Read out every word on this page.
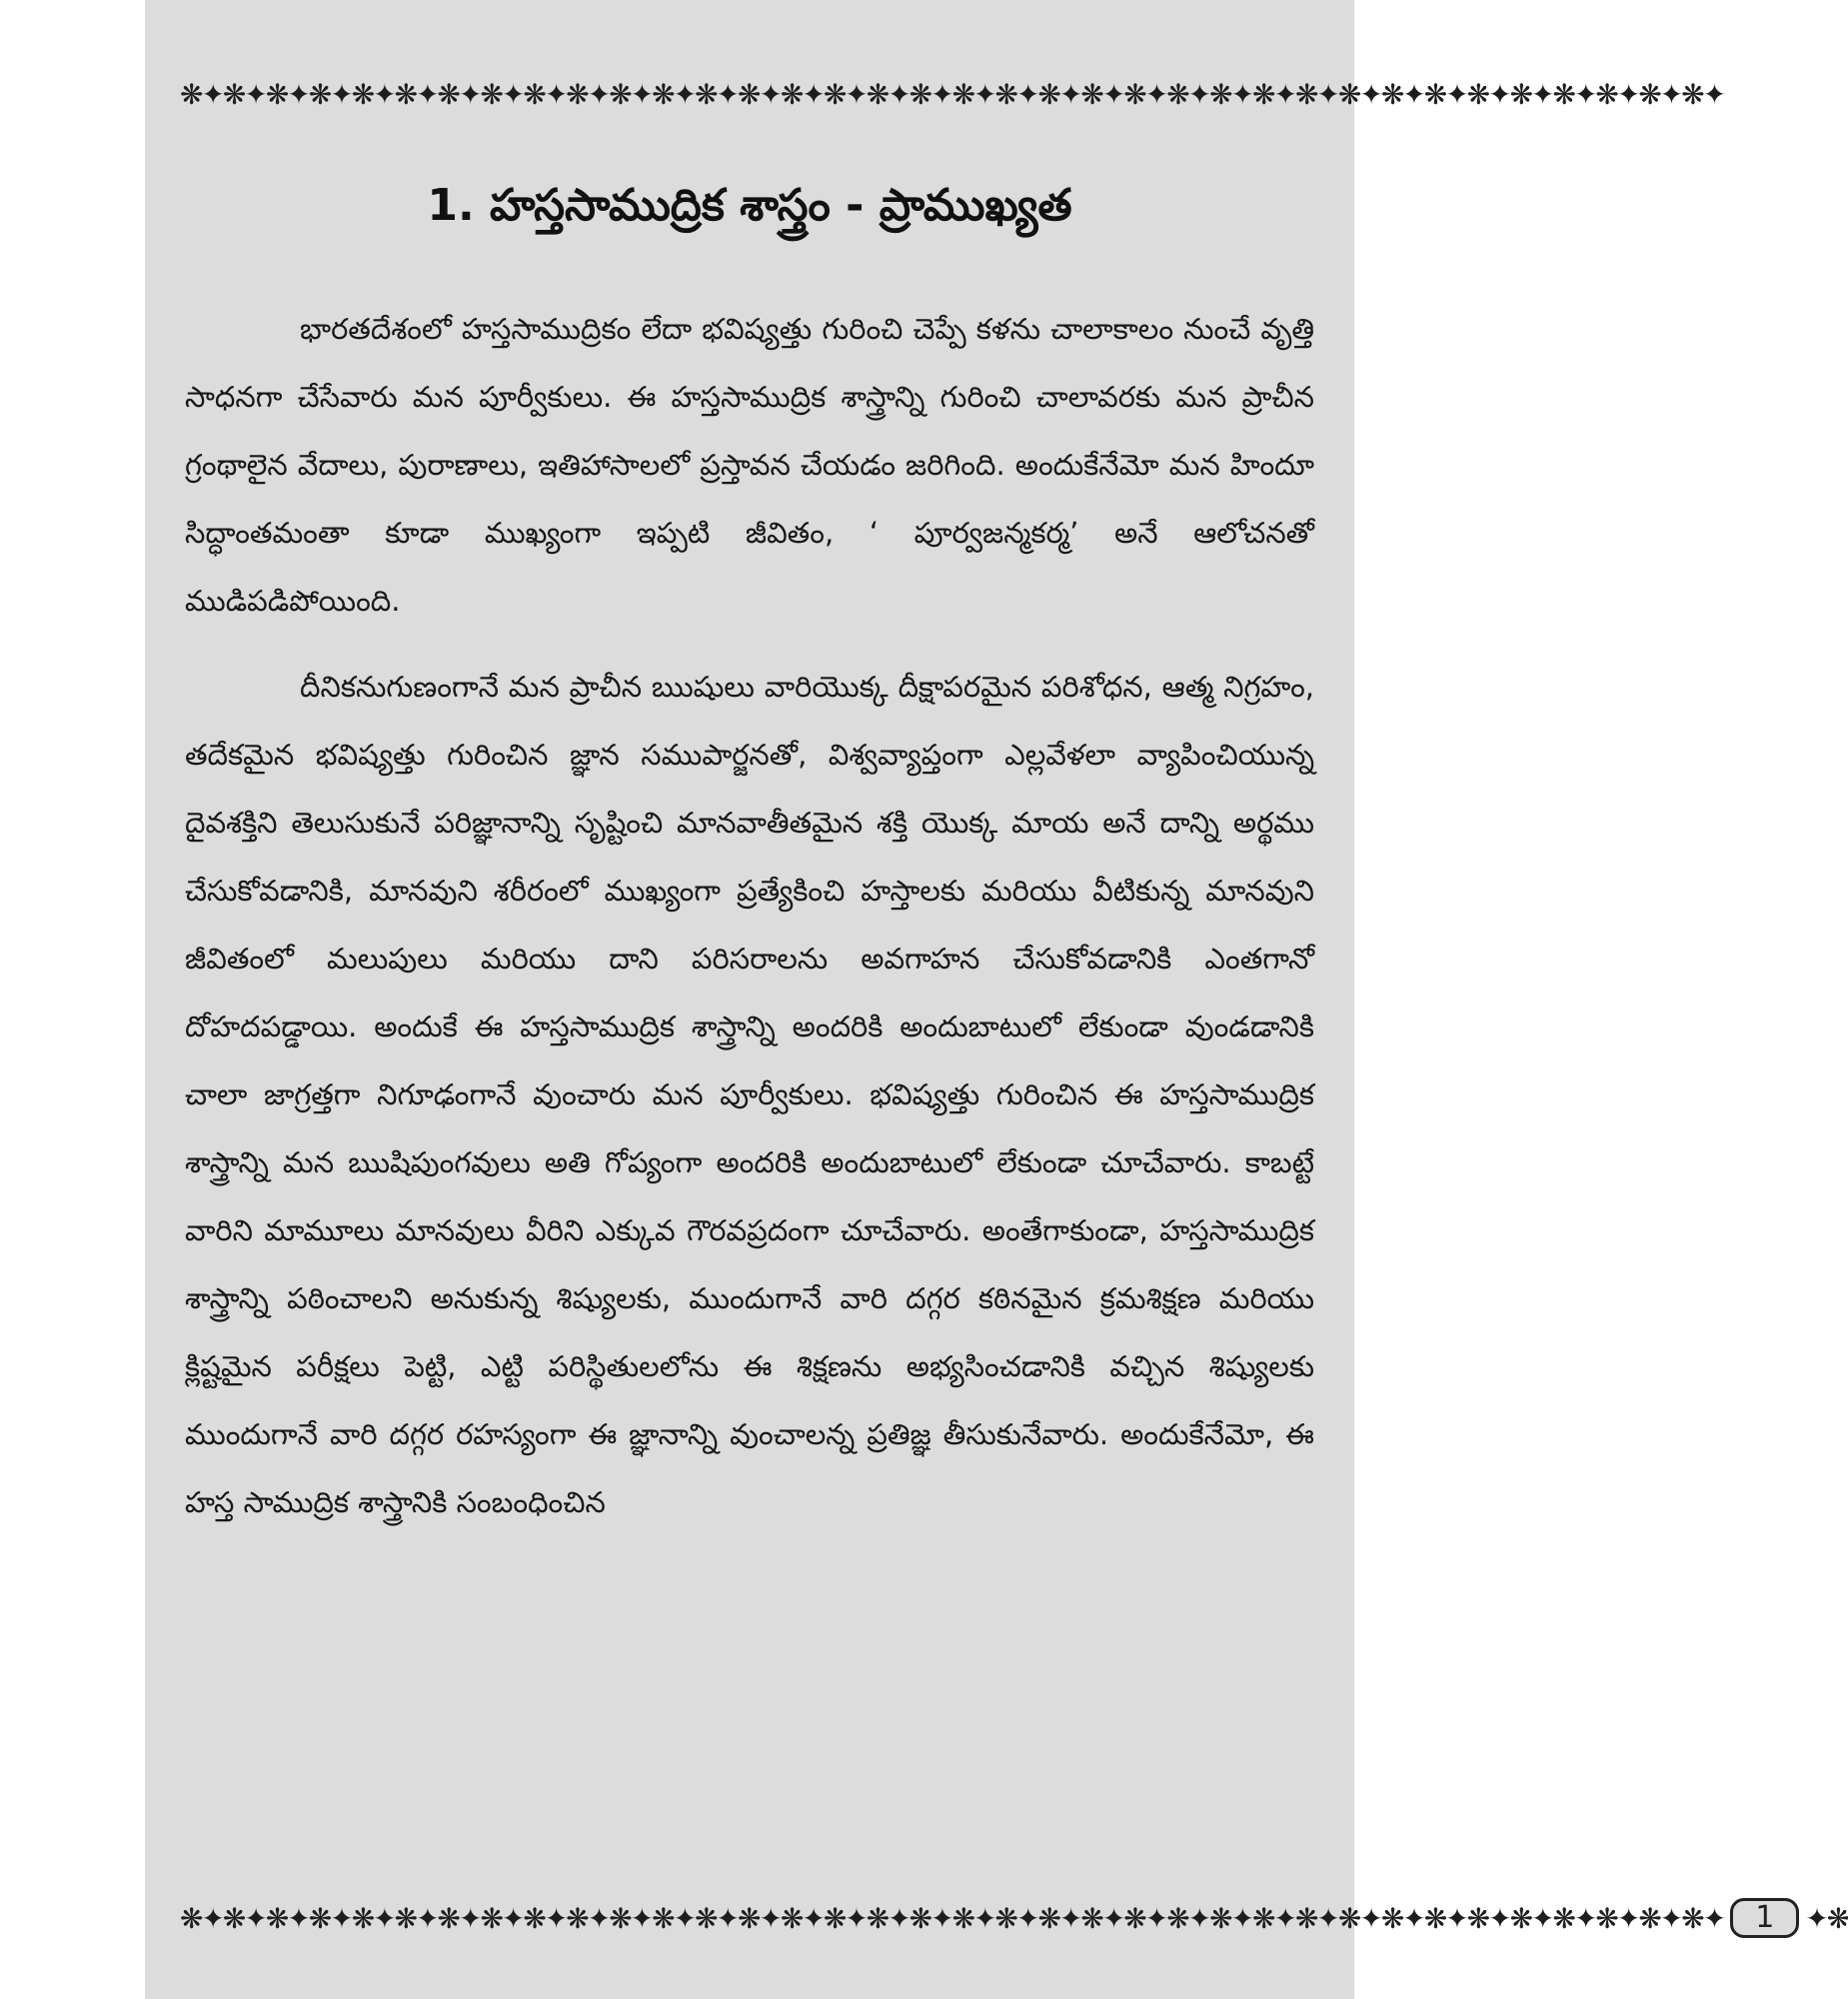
❋✦❋✦❋✦❋✦❋✦❋✦❋✦❋✦❋✦❋✦❋✦❋✦❋✦❋✦❋✦❋✦❋✦❋✦❋✦❋✦❋✦❋✦❋✦❋✦❋✦❋✦❋✦❋✦❋✦❋✦❋✦❋✦❋✦❋✦❋✦❋✦
1. హస్తసాముద్రిక శాస్త్రం - ప్రాముఖ్యత

భారతదేశంలో హస్తసాముద్రికం లేదా భవిష్యత్తు గురించి చెప్పే కళను చాలాకాలం నుంచే వృత్తి సాధనగా చేసేవారు మన పూర్వీకులు. ఈ హస్తసాముద్రిక శాస్త్రాన్ని గురించి చాలావరకు మన ప్రాచీన గ్రంథాలైన వేదాలు, పురాణాలు, ఇతిహాసాలలో ప్రస్తావన చేయడం జరిగింది. అందుకేనేమో మన హిందూ సిద్ధాంతమంతా కూడా ముఖ్యంగా ఇప్పటి జీవితం, ‘ పూర్వజన్మకర్మ’ అనే ఆలోచనతో ముడిపడిపోయింది.

దీనికనుగుణంగానే మన ప్రాచీన ఋషులు వారియొక్క దీక్షాపరమైన పరిశోధన, ఆత్మ నిగ్రహం, తదేకమైన భవిష్యత్తు గురించిన జ్ఞాన సముపార్జనతో, విశ్వవ్యాప్తంగా ఎల్లవేళలా వ్యాపించియున్న దైవశక్తిని తెలుసుకునే పరిజ్ఞానాన్ని సృష్టించి మానవాతీతమైన శక్తి యొక్క మాయ అనే దాన్ని అర్థము చేసుకోవడానికి, మానవుని శరీరంలో ముఖ్యంగా ప్రత్యేకించి హస్తాలకు మరియు వీటికున్న మానవుని జీవితంలో మలుపులు మరియు దాని పరిసరాలను అవగాహన చేసుకోవడానికి ఎంతగానో దోహదపడ్డాయి. అందుకే ఈ హస్తసాముద్రిక శాస్త్రాన్ని అందరికి అందుబాటులో లేకుండా వుండడానికి చాలా జాగ్రత్తగా నిగూఢంగానే వుంచారు మన పూర్వీకులు. భవిష్యత్తు గురించిన ఈ హస్తసాముద్రిక శాస్త్రాన్ని మన ఋషిపుంగవులు అతి గోప్యంగా అందరికి అందుబాటులో లేకుండా చూచేవారు. కాబట్టే వారిని మామూలు మానవులు వీరిని ఎక్కువ గౌరవప్రదంగా చూచేవారు. అంతేగాకుండా, హస్తసాముద్రిక శాస్త్రాన్ని పఠించాలని అనుకున్న శిష్యులకు, ముందుగానే వారి దగ్గర కఠినమైన క్రమశిక్షణ మరియు క్లిష్టమైన పరీక్షలు పెట్టి, ఎట్టి పరిస్థితులలోను ఈ శిక్షణను అభ్యసించడానికి వచ్చిన శిష్యులకు ముందుగానే వారి దగ్గర రహస్యంగా ఈ జ్ఞానాన్ని వుంచాలన్న ప్రతిజ్ఞ తీసుకునేవారు. అందుకేనేమో, ఈ హస్త సాముద్రిక శాస్త్రానికి సంబంధించిన

❋✦❋✦❋✦❋✦❋✦❋✦❋✦❋✦❋✦❋✦❋✦❋✦❋✦❋✦❋✦❋✦❋✦❋✦❋✦❋✦❋✦❋✦❋✦❋✦❋✦❋✦❋✦❋✦❋✦❋✦❋✦❋✦❋✦❋✦❋✦❋✦	1	✦❋
